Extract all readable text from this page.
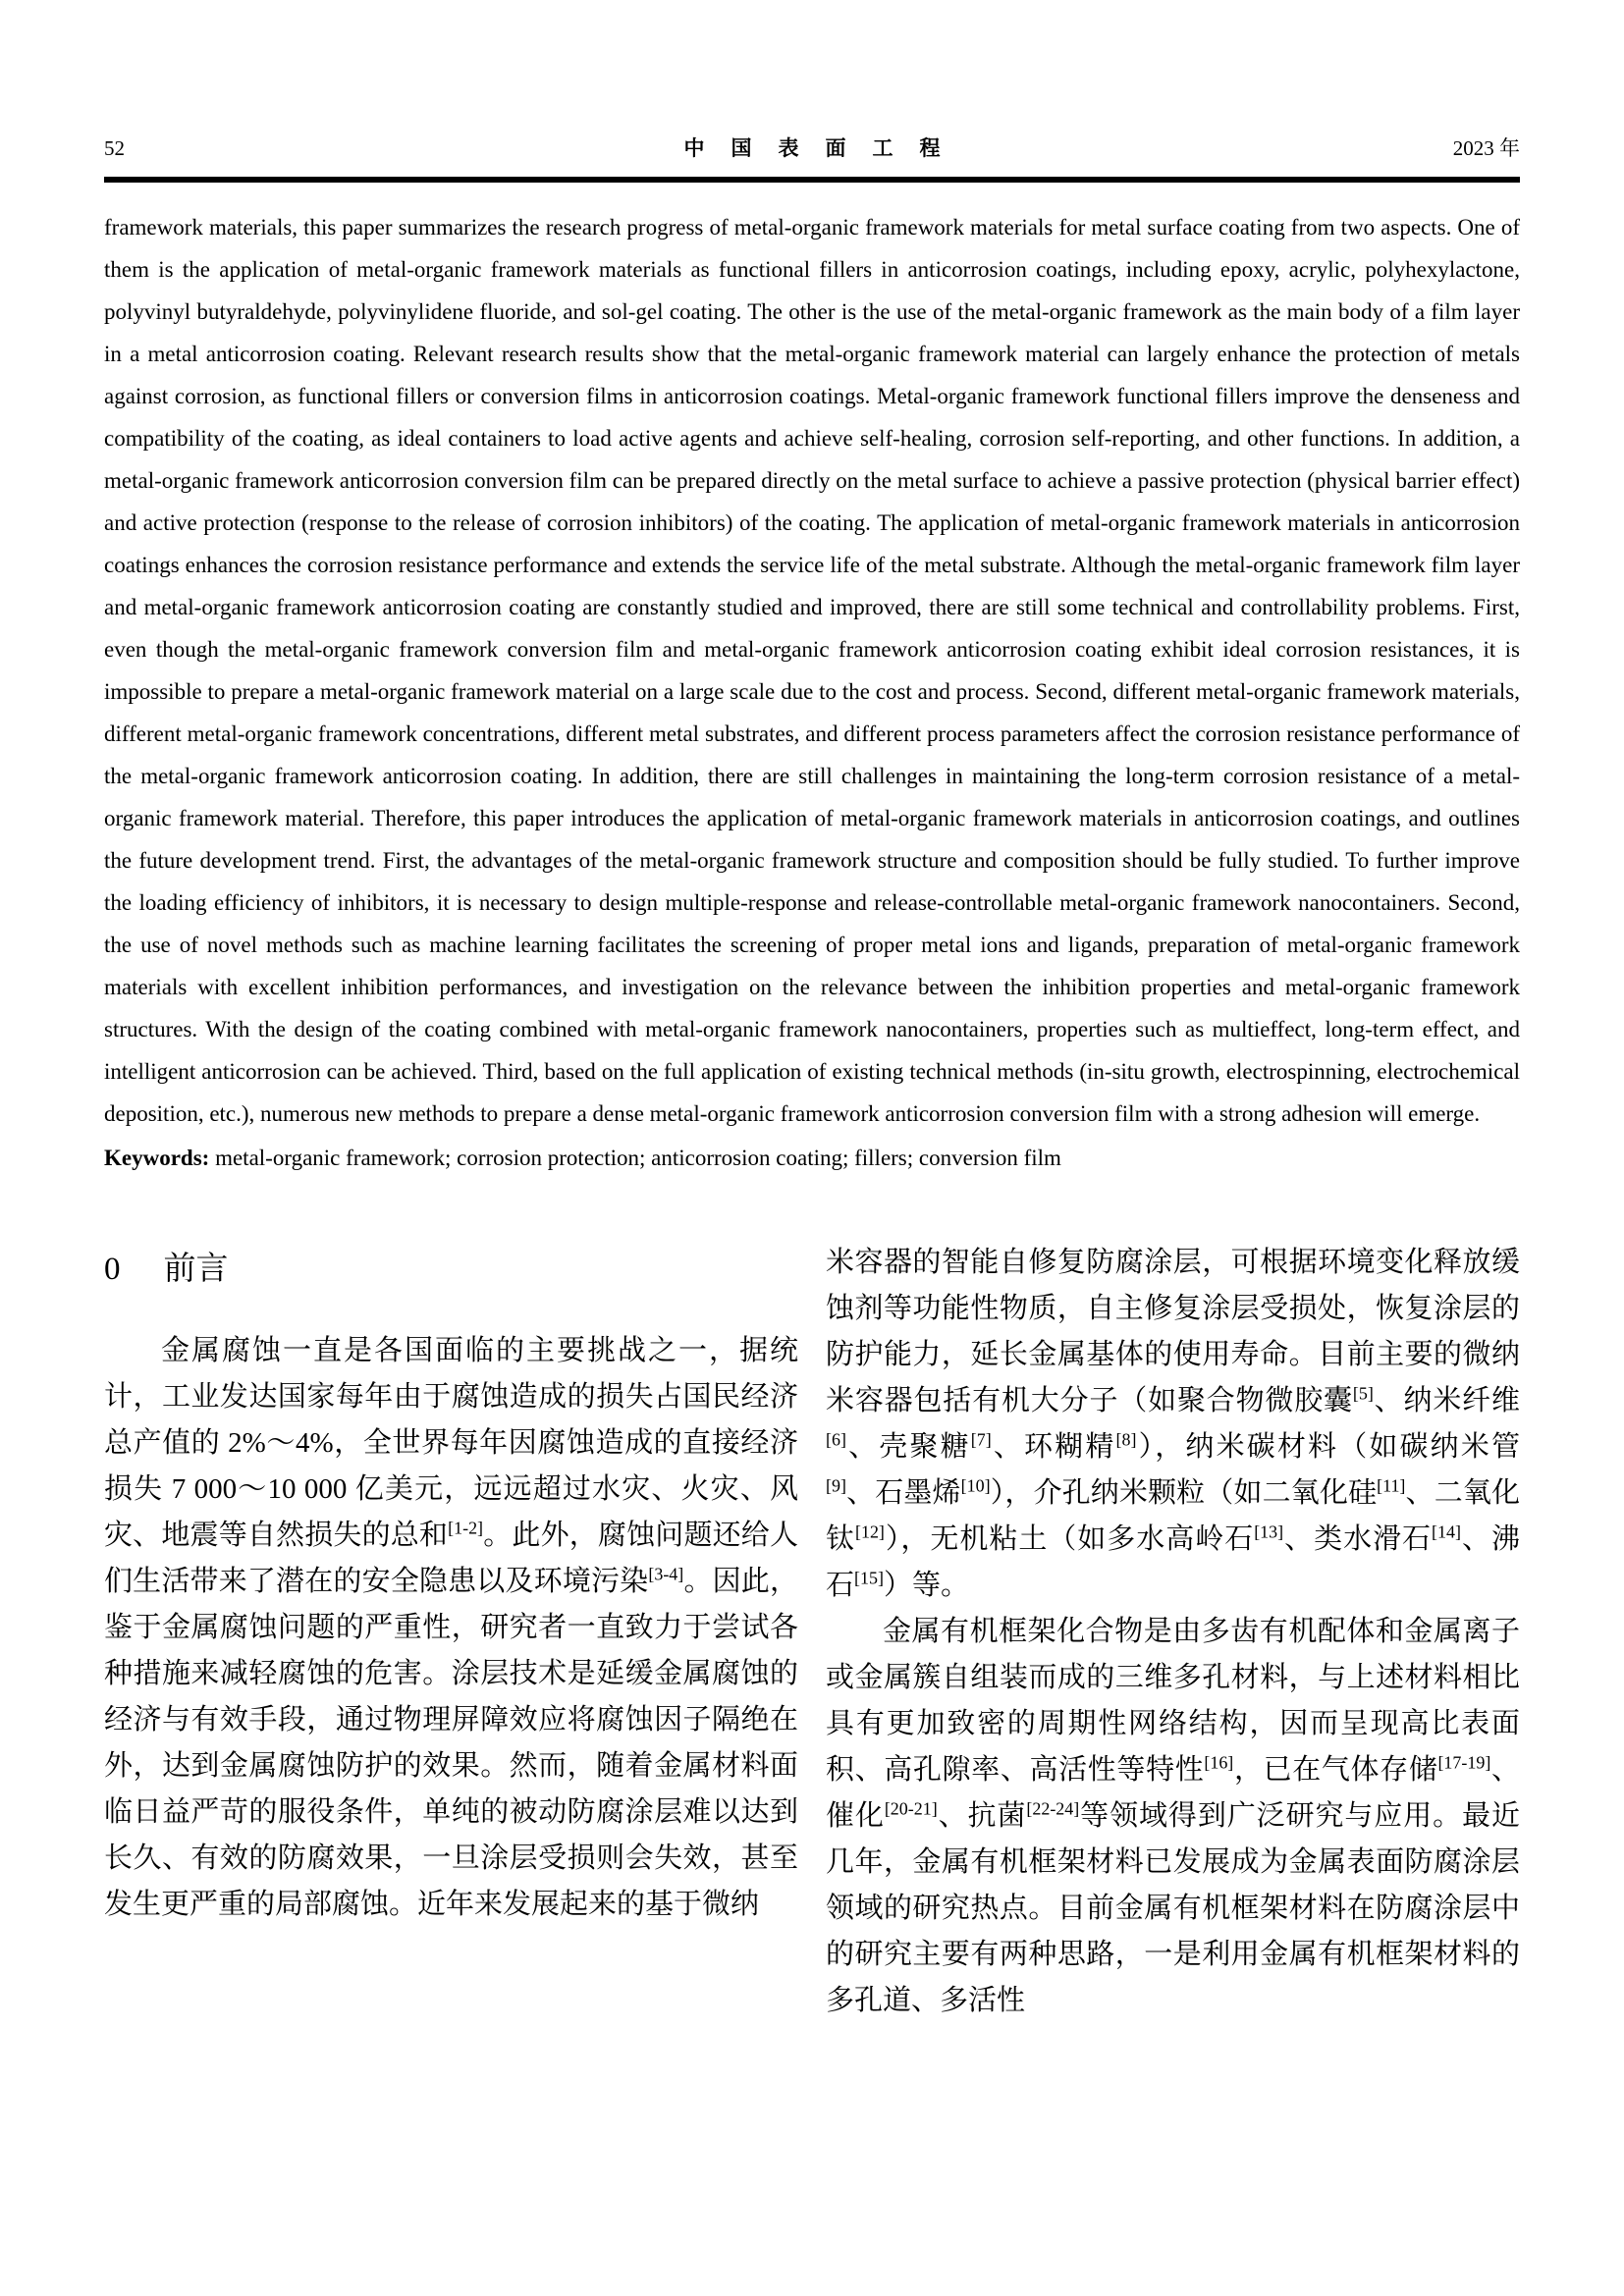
52	中国表面工程	2023 年
framework materials, this paper summarizes the research progress of metal-organic framework materials for metal surface coating from two aspects. One of them is the application of metal-organic framework materials as functional fillers in anticorrosion coatings, including epoxy, acrylic, polyhexylactone, polyvinyl butyraldehyde, polyvinylidene fluoride, and sol-gel coating. The other is the use of the metal-organic framework as the main body of a film layer in a metal anticorrosion coating. Relevant research results show that the metal-organic framework material can largely enhance the protection of metals against corrosion, as functional fillers or conversion films in anticorrosion coatings. Metal-organic framework functional fillers improve the denseness and compatibility of the coating, as ideal containers to load active agents and achieve self-healing, corrosion self-reporting, and other functions. In addition, a metal-organic framework anticorrosion conversion film can be prepared directly on the metal surface to achieve a passive protection (physical barrier effect) and active protection (response to the release of corrosion inhibitors) of the coating. The application of metal-organic framework materials in anticorrosion coatings enhances the corrosion resistance performance and extends the service life of the metal substrate. Although the metal-organic framework film layer and metal-organic framework anticorrosion coating are constantly studied and improved, there are still some technical and controllability problems. First, even though the metal-organic framework conversion film and metal-organic framework anticorrosion coating exhibit ideal corrosion resistances, it is impossible to prepare a metal-organic framework material on a large scale due to the cost and process. Second, different metal-organic framework materials, different metal-organic framework concentrations, different metal substrates, and different process parameters affect the corrosion resistance performance of the metal-organic framework anticorrosion coating. In addition, there are still challenges in maintaining the long-term corrosion resistance of a metal-organic framework material. Therefore, this paper introduces the application of metal-organic framework materials in anticorrosion coatings, and outlines the future development trend. First, the advantages of the metal-organic framework structure and composition should be fully studied. To further improve the loading efficiency of inhibitors, it is necessary to design multiple-response and release-controllable metal-organic framework nanocontainers. Second, the use of novel methods such as machine learning facilitates the screening of proper metal ions and ligands, preparation of metal-organic framework materials with excellent inhibition performances, and investigation on the relevance between the inhibition properties and metal-organic framework structures. With the design of the coating combined with metal-organic framework nanocontainers, properties such as multieffect, long-term effect, and intelligent anticorrosion can be achieved. Third, based on the full application of existing technical methods (in-situ growth, electrospinning, electrochemical deposition, etc.), numerous new methods to prepare a dense metal-organic framework anticorrosion conversion film with a strong adhesion will emerge.
Keywords: metal-organic framework; corrosion protection; anticorrosion coating; fillers; conversion film
0 前言

金属腐蚀一直是各国面临的主要挑战之一，据统计，工业发达国家每年由于腐蚀造成的损失占国民经济总产值的 2%～4%，全世界每年因腐蚀造成的直接经济损失 7 000～10 000 亿美元，远远超过水灾、火灾、风灾、地震等自然损失的总和[1-2]。此外，腐蚀问题还给人们生活带来了潜在的安全隐患以及环境污染[3-4]。因此，鉴于金属腐蚀问题的严重性，研究者一直致力于尝试各种措施来减轻腐蚀的危害。涂层技术是延缓金属腐蚀的经济与有效手段，通过物理屏障效应将腐蚀因子隔绝在外，达到金属腐蚀防护的效果。然而，随着金属材料面临日益严苛的服役条件，单纯的被动防腐涂层难以达到长久、有效的防腐效果，一旦涂层受损则会失效，甚至发生更严重的局部腐蚀。近年来发展起来的基于微纳

米容器的智能自修复防腐涂层，可根据环境变化释放缓蚀剂等功能性物质，自主修复涂层受损处，恢复涂层的防护能力，延长金属基体的使用寿命。目前主要的微纳米容器包括有机大分子（如聚合物微胶囊[5]、纳米纤维[6]、壳聚糖[7]、环糊精[8]），纳米碳材料（如碳纳米管[9]、石墨烯[10]），介孔纳米颗粒（如二氧化硅[11]、二氧化钛[12]），无机粘土（如多水高岭石[13]、类水滑石[14]、沸石[15]）等。

金属有机框架化合物是由多齿有机配体和金属离子或金属簇自组装而成的三维多孔材料，与上述材料相比具有更加致密的周期性网络结构，因而呈现高比表面积、高孔隙率、高活性等特性[16]，已在气体存储[17-19]、催化[20-21]、抗菌[22-24]等领域得到广泛研究与应用。最近几年，金属有机框架材料已发展成为金属表面防腐涂层领域的研究热点。目前金属有机框架材料在防腐涂层中的研究主要有两种思路，一是利用金属有机框架材料的多孔道、多活性
